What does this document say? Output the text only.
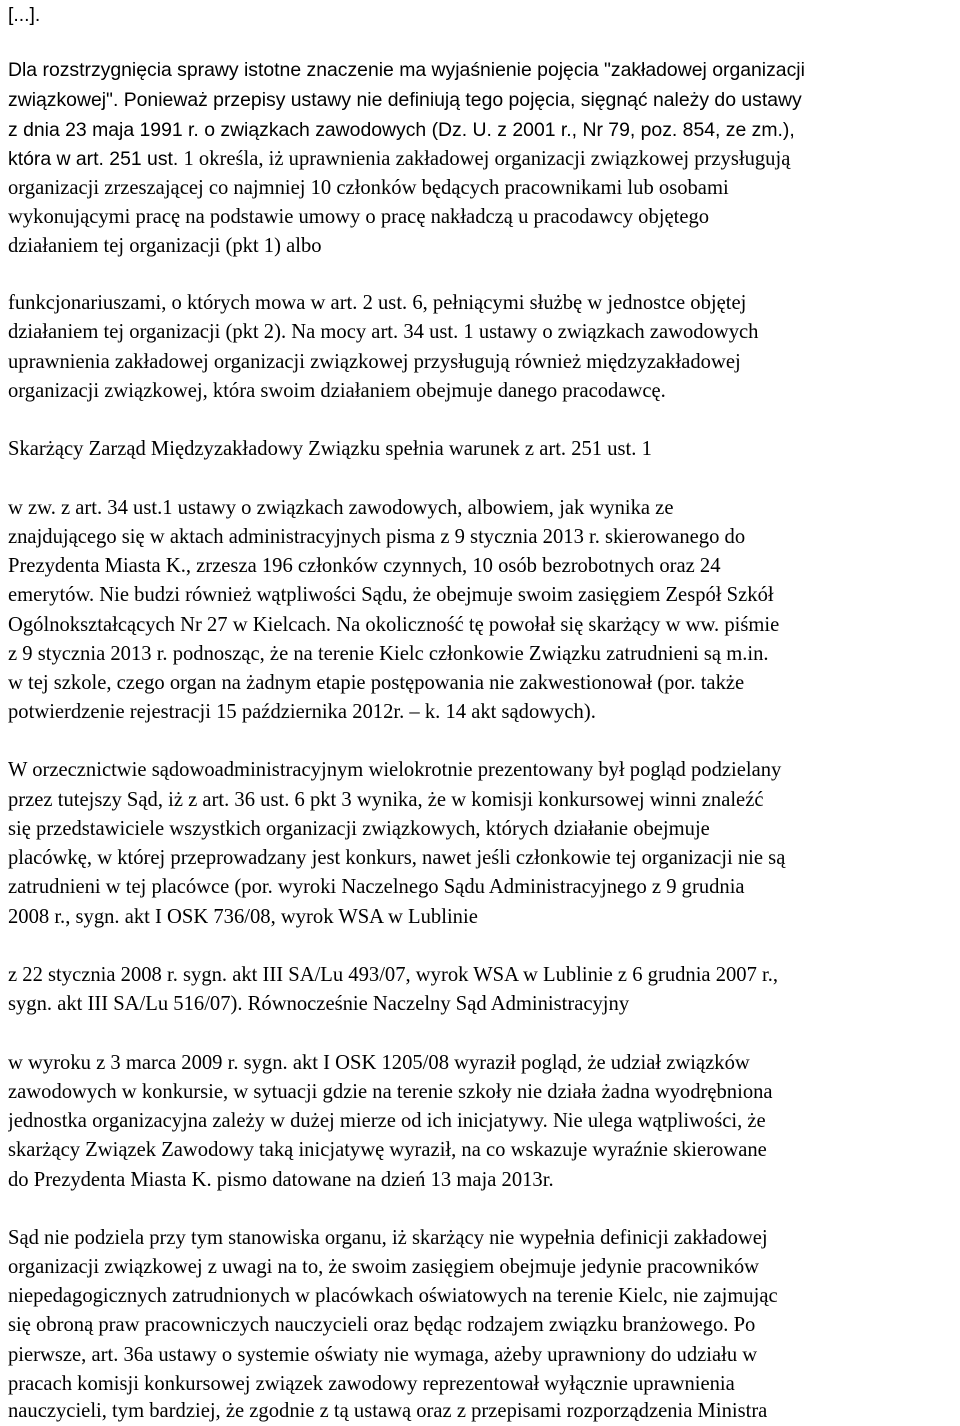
[...].
Dla rozstrzygnięcia sprawy istotne znaczenie ma wyjaśnienie pojęcia "zakładowej organizacji
związkowej". Ponieważ przepisy ustawy nie definiują tego pojęcia, sięgnąć należy do ustawy
z dnia 23 maja 1991 r. o związkach zawodowych (Dz. U. z 2001 r., Nr 79, poz. 854, ze zm.),
która w art. 251 ust. 1 określa, iż uprawnienia zakładowej organizacji związkowej przysługują
organizacji zrzeszającej co najmniej 10 członków będących pracownikami lub osobami
wykonującymi pracę na podstawie umowy o pracę nakładczą u pracodawcy objętego
działaniem tej organizacji (pkt 1) albo
funkcjonariuszami, o których mowa w art. 2 ust. 6, pełniącymi służbę w jednostce objętej
działaniem tej organizacji (pkt 2). Na mocy art. 34 ust. 1 ustawy o związkach zawodowych
uprawnienia zakładowej organizacji związkowej przysługują również międzyzakładowej
organizacji związkowej, która swoim działaniem obejmuje danego pracodawcę.
Skarżący Zarząd Międzyzakładowy Związku spełnia warunek z art. 251 ust. 1
w zw. z art. 34 ust.1 ustawy o związkach zawodowych, albowiem, jak wynika ze
znajdującego się w aktach administracyjnych pisma z 9 stycznia 2013 r. skierowanego do
Prezydenta Miasta K., zrzesza 196 członków czynnych, 10 osób bezrobotnych oraz 24
emerytów. Nie budzi również wątpliwości Sądu, że obejmuje swoim zasięgiem Zespół Szkół
Ogólnokształcących Nr 27 w Kielcach. Na okoliczność tę powołał się skarżący w ww. piśmie
z 9 stycznia 2013 r. podnosząc, że na terenie Kielc członkowie Związku zatrudnieni są m.in.
w tej szkole, czego organ na żadnym etapie postępowania nie zakwestionował (por. także
potwierdzenie rejestracji 15 października 2012r. – k. 14 akt sądowych).
W orzecznictwie sądowoadministracyjnym wielokrotnie prezentowany był pogląd podzielany
przez tutejszy Sąd, iż z art. 36 ust. 6 pkt 3 wynika, że w komisji konkursowej winni znaleźć
się przedstawiciele wszystkich organizacji związkowych, których działanie obejmuje
placówkę, w której przeprowadzany jest konkurs, nawet jeśli członkowie tej organizacji nie są
zatrudnieni w tej placówce (por. wyroki Naczelnego Sądu Administracyjnego z 9 grudnia
2008 r., sygn. akt I OSK 736/08, wyrok WSA w Lublinie
z 22 stycznia 2008 r. sygn. akt III SA/Lu 493/07, wyrok WSA w Lublinie z 6 grudnia 2007 r.,
sygn. akt III SA/Lu 516/07). Równocześnie Naczelny Sąd Administracyjny
w wyroku z 3 marca 2009 r. sygn. akt I OSK 1205/08 wyraził pogląd, że udział związków
zawodowych w konkursie, w sytuacji gdzie na terenie szkoły nie działa żadna wyodrębniona
jednostka organizacyjna zależy w dużej mierze od ich inicjatywy. Nie ulega wątpliwości, że
skarżący Związek Zawodowy taką inicjatywę wyraził, na co wskazuje wyraźnie skierowane
do Prezydenta Miasta K. pismo datowane na dzień 13 maja 2013r.
Sąd nie podziela przy tym stanowiska organu, iż skarżący nie wypełnia definicji zakładowej
organizacji związkowej z uwagi na to, że swoim zasięgiem obejmuje jedynie pracowników
niepedagogicznych zatrudnionych w placówkach oświatowych na terenie Kielc, nie zajmując
się obroną praw pracowniczych nauczycieli oraz będąc rodzajem związku branżowego. Po
pierwsze, art. 36a ustawy o systemie oświaty nie wymaga, ażeby uprawniony do udziału w
pracach komisji konkursowej związek zawodowy reprezentował wyłącznie uprawnienia
nauczycieli, tym bardziej, że zgodnie z tą ustawą oraz z przepisami rozporządzenia Ministra
